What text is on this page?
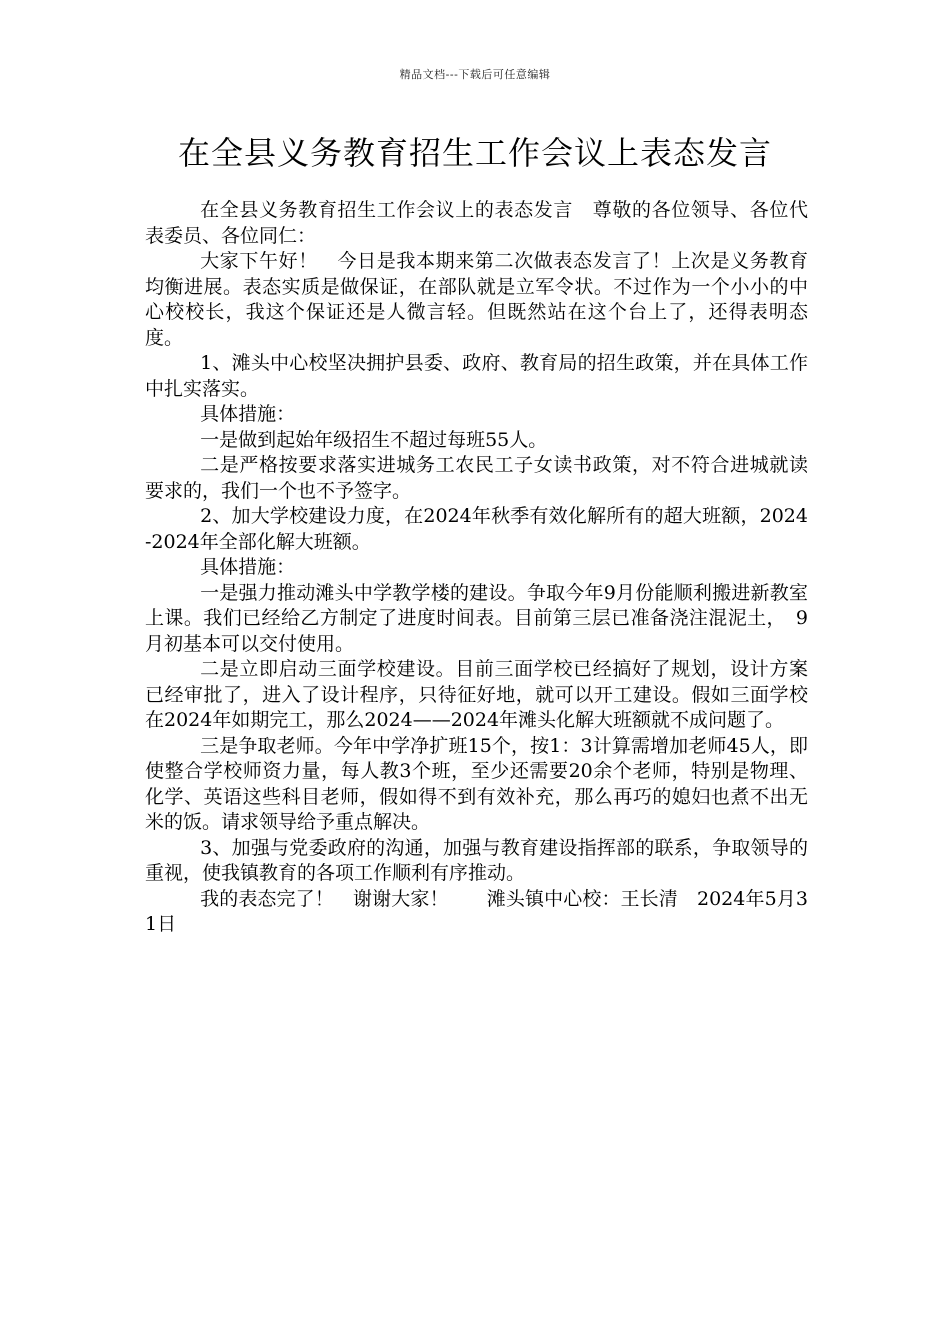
精品文档---下载后可任意编辑
在全县义务教育招生工作会议上表态发言

在全县义务教育招生工作会议上的表态发言　尊敬的各位领导、各位代表委员、各位同仁：

大家下午好！　今日是我本期来第二次做表态发言了！上次是义务教育均衡进展。表态实质是做保证，在部队就是立军令状。不过作为一个小小的中心校校长，我这个保证还是人微言轻。但既然站在这个台上了，还得表明态度。

1、滩头中心校坚决拥护县委、政府、教育局的招生政策，并在具体工作中扎实落实。

具体措施：

一是做到起始年级招生不超过每班55人。

二是严格按要求落实进城务工农民工子女读书政策，对不符合进城就读要求的，我们一个也不予签字。

2、加大学校建设力度，在2024年秋季有效化解所有的超大班额，2024-2024年全部化解大班额。

具体措施：

一是强力推动滩头中学教学楼的建设。争取今年9月份能顺利搬进新教室上课。我们已经给乙方制定了进度时间表。目前第三层已准备浇注混泥土，　9月初基本可以交付使用。

二是立即启动三面学校建设。目前三面学校已经搞好了规划，设计方案已经审批了，进入了设计程序，只待征好地，就可以开工建设。假如三面学校在2024年如期完工，那么2024——2024年滩头化解大班额就不成问题了。

三是争取老师。今年中学净扩班15个，按1：3计算需增加老师45人，即使整合学校师资力量，每人教3个班，至少还需要20余个老师，特别是物理、化学、英语这些科目老师，假如得不到有效补充，那么再巧的媳妇也煮不出无米的饭。请求领导给予重点解决。

3、加强与党委政府的沟通，加强与教育建设指挥部的联系，争取领导的重视，使我镇教育的各项工作顺利有序推动。

我的表态完了！　谢谢大家！　　滩头镇中心校：王长清　2024年5月31日
